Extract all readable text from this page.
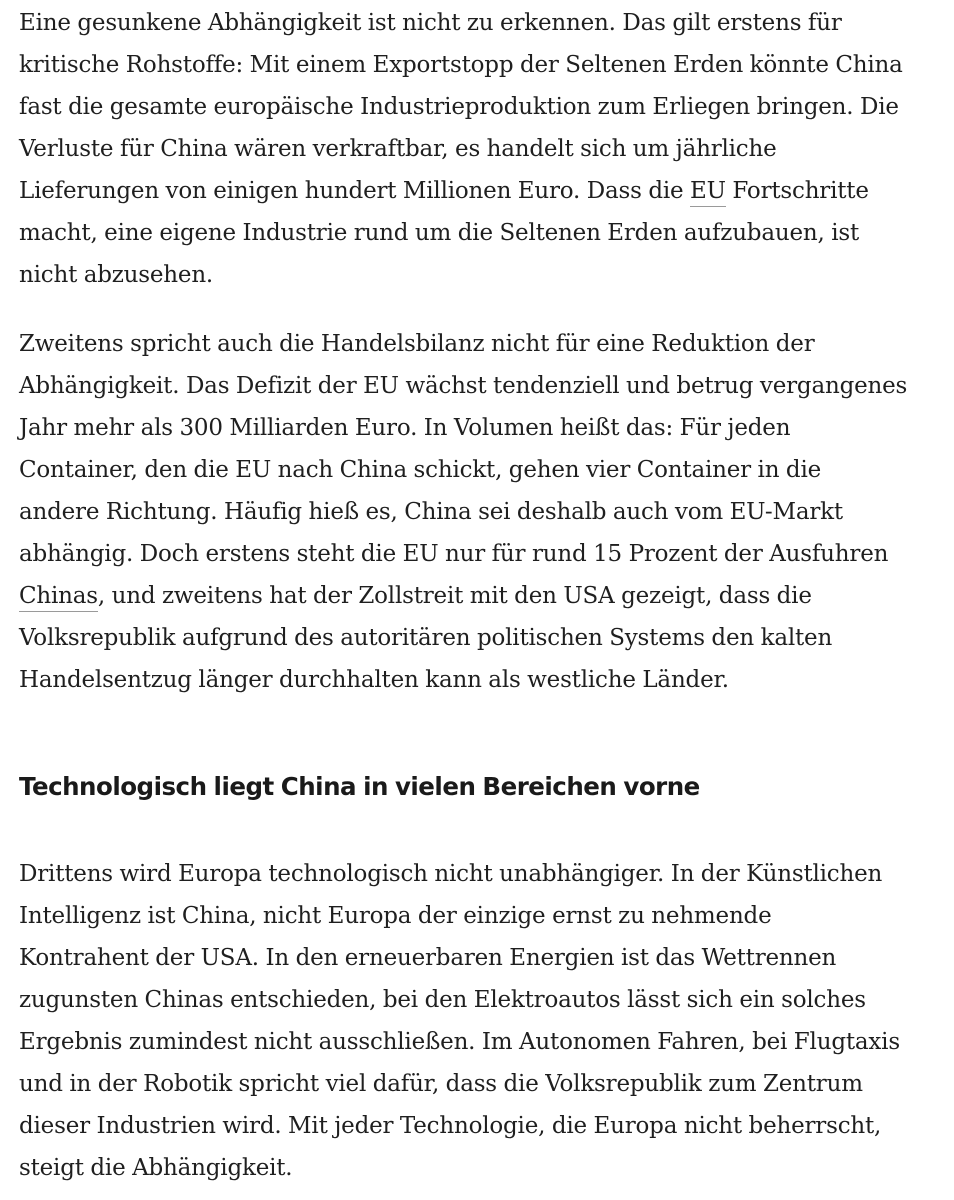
Eine gesunkene Abhängigkeit ist nicht zu erkennen. Das gilt erstens für
kritische Rohstoffe: Mit einem Exportstopp der Seltenen Erden könnte China
fast die gesamte europäische Industrieproduktion zum Erliegen bringen. Die
Verluste für China wären verkraftbar, es handelt sich um jährliche
Lieferungen von einigen hundert Millionen Euro. Dass die EU Fortschritte
macht, eine eigene Industrie rund um die Seltenen Erden aufzubauen, ist
nicht abzusehen.

Zweitens spricht auch die Handelsbilanz nicht für eine Reduktion der
Abhängigkeit. Das Defizit der EU wächst tendenziell und betrug vergangenes
Jahr mehr als 300 Milliarden Euro. In Volumen heißt das: Für jeden
Container, den die EU nach China schickt, gehen vier Container in die
andere Richtung. Häufig hieß es, China sei deshalb auch vom EU-Markt
abhängig. Doch erstens steht die EU nur für rund 15 Prozent der Ausfuhren
Chinas, und zweitens hat der Zollstreit mit den USA gezeigt, dass die
Volksrepublik aufgrund des autoritären politischen Systems den kalten
Handelsentzug länger durchhalten kann als westliche Länder.

Technologisch liegt China in vielen Bereichen vorne

Drittens wird Europa technologisch nicht unabhängiger. In der Künstlichen
Intelligenz ist China, nicht Europa der einzige ernst zu nehmende
Kontrahent der USA. In den erneuerbaren Energien ist das Wettrennen
zugunsten Chinas entschieden, bei den Elektroautos lässt sich ein solches
Ergebnis zumindest nicht ausschließen. Im Autonomen Fahren, bei Flugtaxis
und in der Robotik spricht viel dafür, dass die Volksrepublik zum Zentrum
dieser Industrien wird. Mit jeder Technologie, die Europa nicht beherrscht,
steigt die Abhängigkeit.
